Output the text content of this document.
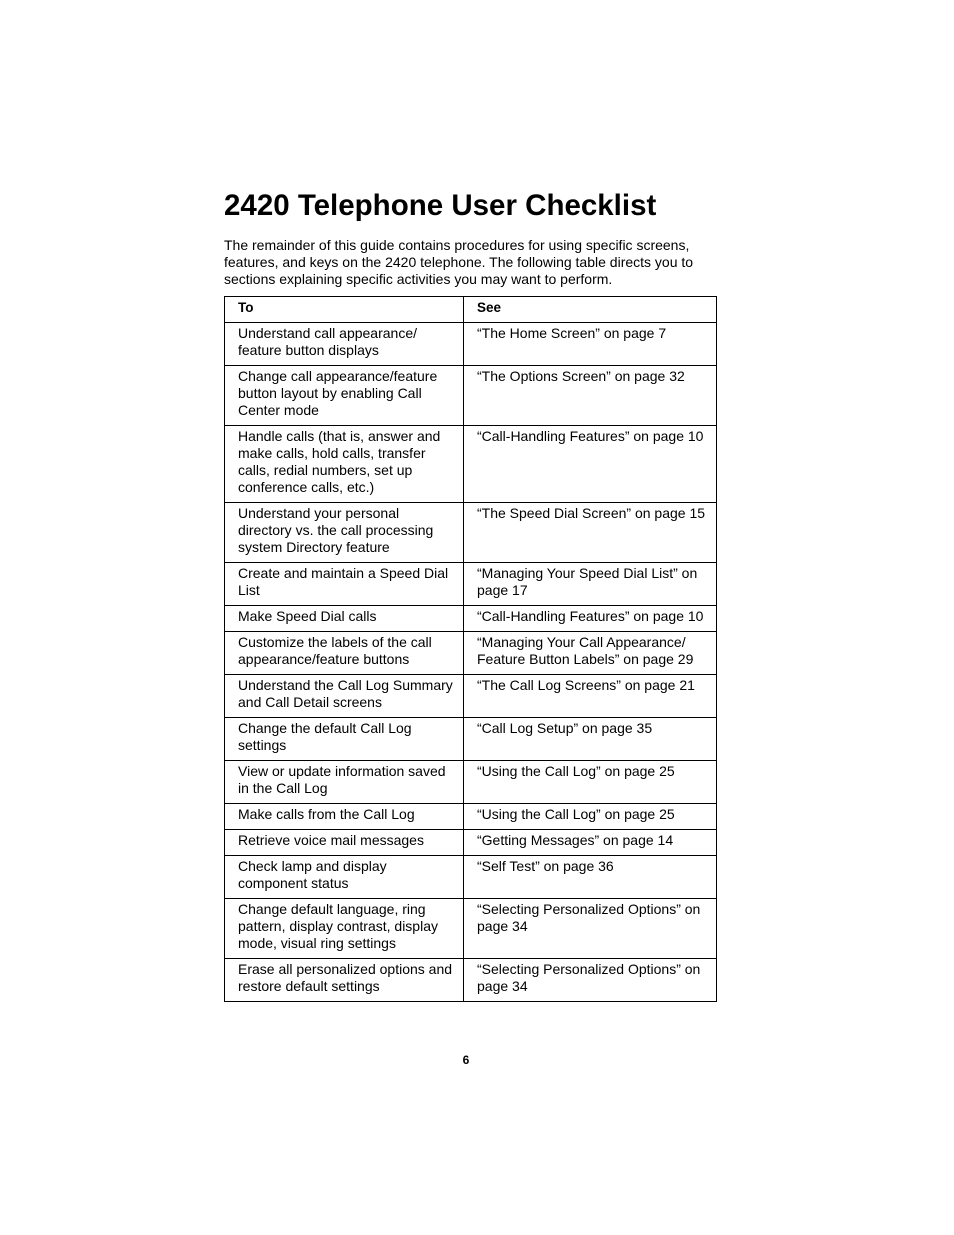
2420 Telephone User Checklist

The remainder of this guide contains procedures for using specific screens, features, and keys on the 2420 telephone. The following table directs you to sections explaining specific activities you may want to perform.

To	See
Understand call appearance/ feature button displays	“The Home Screen” on page 7
Change call appearance/feature button layout by enabling Call Center mode	“The Options Screen” on page 32
Handle calls (that is, answer and make calls, hold calls, transfer calls, redial numbers, set up conference calls, etc.)	“Call-Handling Features” on page 10
Understand your personal directory vs. the call processing system Directory feature	“The Speed Dial Screen” on page 15
Create and maintain a Speed Dial List	“Managing Your Speed Dial List” on page 17
Make Speed Dial calls	“Call-Handling Features” on page 10
Customize the labels of the call appearance/feature buttons	“Managing Your Call Appearance/ Feature Button Labels” on page 29
Understand the Call Log Summary and Call Detail screens	“The Call Log Screens” on page 21
Change the default Call Log settings	“Call Log Setup” on page 35
View or update information saved in the Call Log	“Using the Call Log” on page 25
Make calls from the Call Log	“Using the Call Log” on page 25
Retrieve voice mail messages	“Getting Messages” on page 14
Check lamp and display component status	“Self Test” on page 36
Change default language, ring pattern, display contrast, display mode, visual ring settings	“Selecting Personalized Options” on page 34
Erase all personalized options and restore default settings	“Selecting Personalized Options” on page 34
6
